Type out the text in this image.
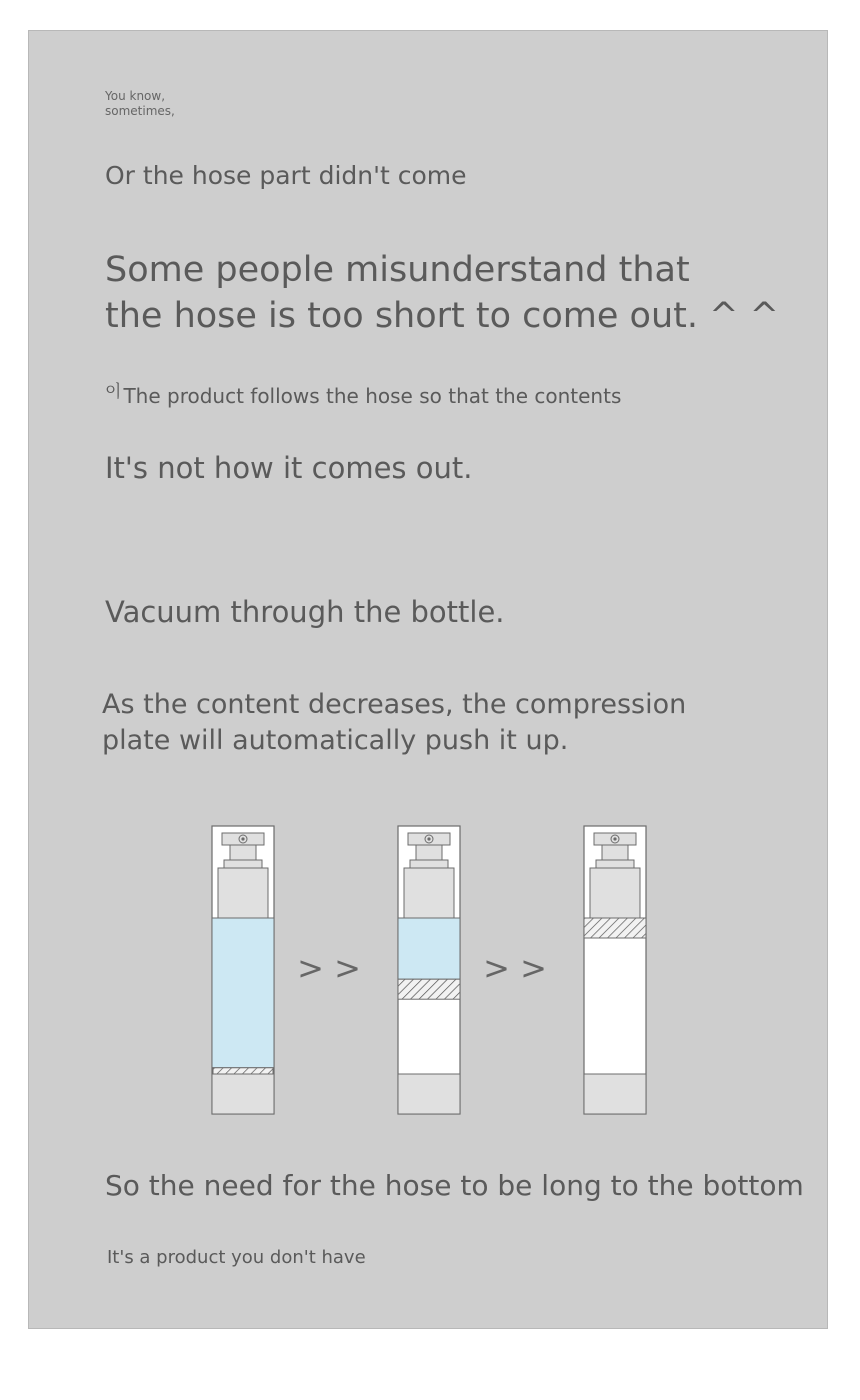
You know,
sometimes,
Or the hose part didn't come
Some people misunderstand that
the hose is too short to come out. ^ ^
$^이$ The product follows the hose so that the contents
It's not how it comes out.
Vacuum through the bottle.
As the content decreases, the compression
plate will automatically push it up.
> >	> >
So the need for the hose to be long to the bottom
It's a product you don't have
